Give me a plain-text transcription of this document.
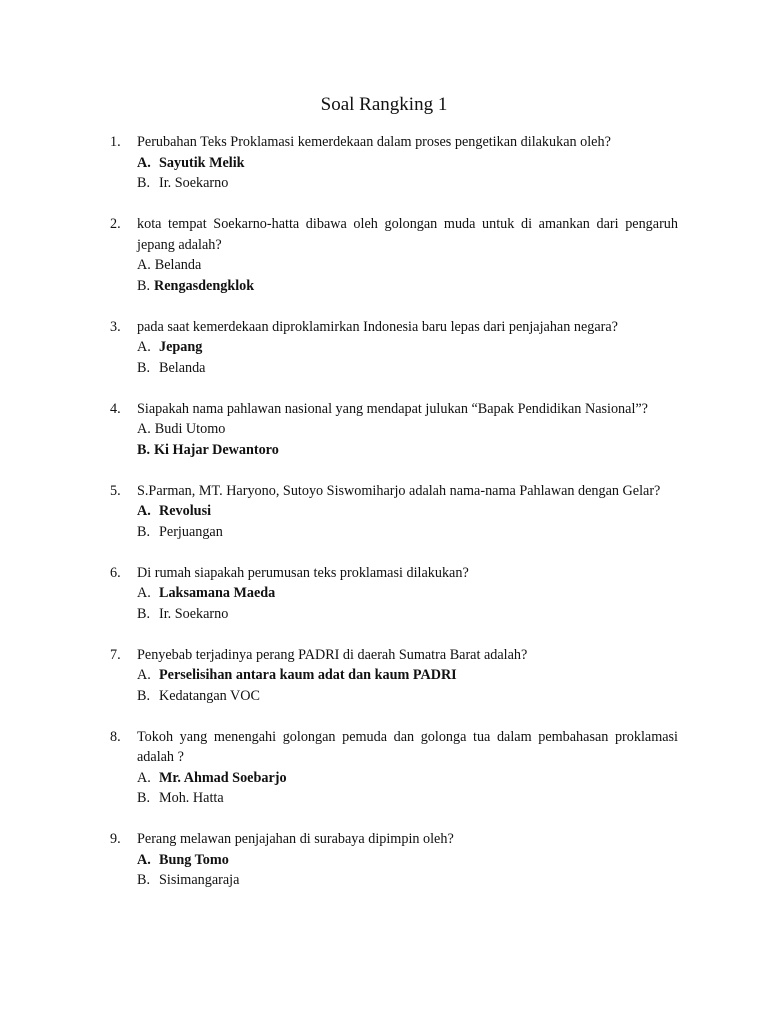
Soal Rangking 1
1.	Perubahan Teks Proklamasi kemerdekaan dalam proses pengetikan dilakukan oleh?
A. Sayutik Melik
B. Ir. Soekarno
2.	kota tempat Soekarno-hatta dibawa oleh golongan muda untuk di amankan dari pengaruh jepang adalah?
A. Belanda
B. Rengasdengklok
3.	pada saat kemerdekaan diproklamirkan Indonesia baru lepas dari penjajahan negara?
A. Jepang
B. Belanda
4.	Siapakah nama pahlawan nasional yang mendapat julukan “Bapak Pendidikan Nasional”?
A. Budi Utomo
B. Ki Hajar Dewantoro
5.	S.Parman, MT. Haryono, Sutoyo Siswomiharjo adalah nama-nama Pahlawan dengan Gelar?
A. Revolusi
B. Perjuangan
6.	Di rumah siapakah perumusan teks proklamasi dilakukan?
A. Laksamana Maeda
B. Ir. Soekarno
7.	Penyebab terjadinya perang PADRI di daerah Sumatra Barat adalah?
A. Perselisihan antara kaum adat dan kaum PADRI
B. Kedatangan VOC
8.	Tokoh yang menengahi golongan pemuda dan golonga tua dalam pembahasan proklamasi adalah ?
A. Mr. Ahmad Soebarjo
B. Moh. Hatta
9.	Perang melawan penjajahan di surabaya dipimpin oleh?
A. Bung Tomo
B. Sisimangaraja
